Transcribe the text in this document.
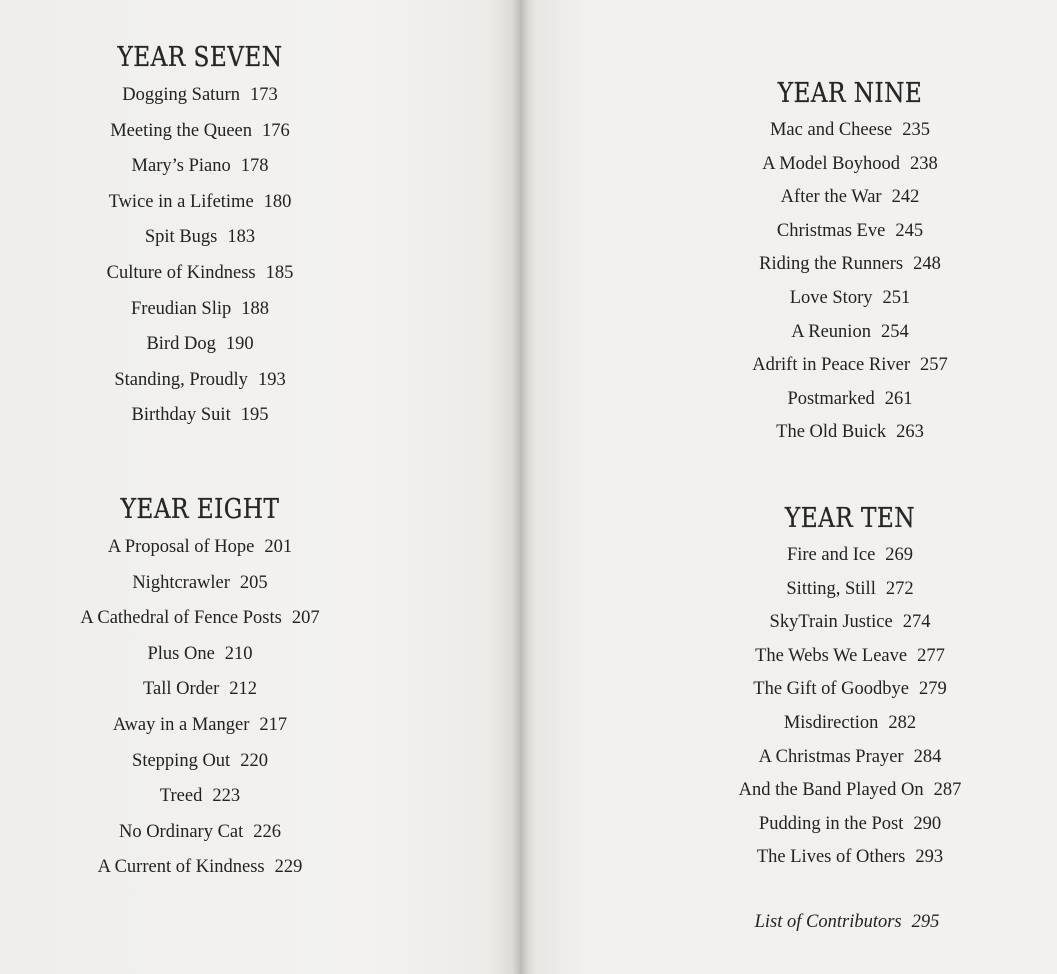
YEAR SEVEN
Dogging Saturn 173
Meeting the Queen 176
Mary’s Piano 178
Twice in a Lifetime 180
Spit Bugs 183
Culture of Kindness 185
Freudian Slip 188
Bird Dog 190
Standing, Proudly 193
Birthday Suit 195
YEAR EIGHT
A Proposal of Hope 201
Nightcrawler 205
A Cathedral of Fence Posts 207
Plus One 210
Tall Order 212
Away in a Manger 217
Stepping Out 220
Treed 223
No Ordinary Cat 226
A Current of Kindness 229
YEAR NINE
Mac and Cheese 235
A Model Boyhood 238
After the War 242
Christmas Eve 245
Riding the Runners 248
Love Story 251
A Reunion 254
Adrift in Peace River 257
Postmarked 261
The Old Buick 263
YEAR TEN
Fire and Ice 269
Sitting, Still 272
SkyTrain Justice 274
The Webs We Leave 277
The Gift of Goodbye 279
Misdirection 282
A Christmas Prayer 284
And the Band Played On 287
Pudding in the Post 290
The Lives of Others 293
List of Contributors 295
